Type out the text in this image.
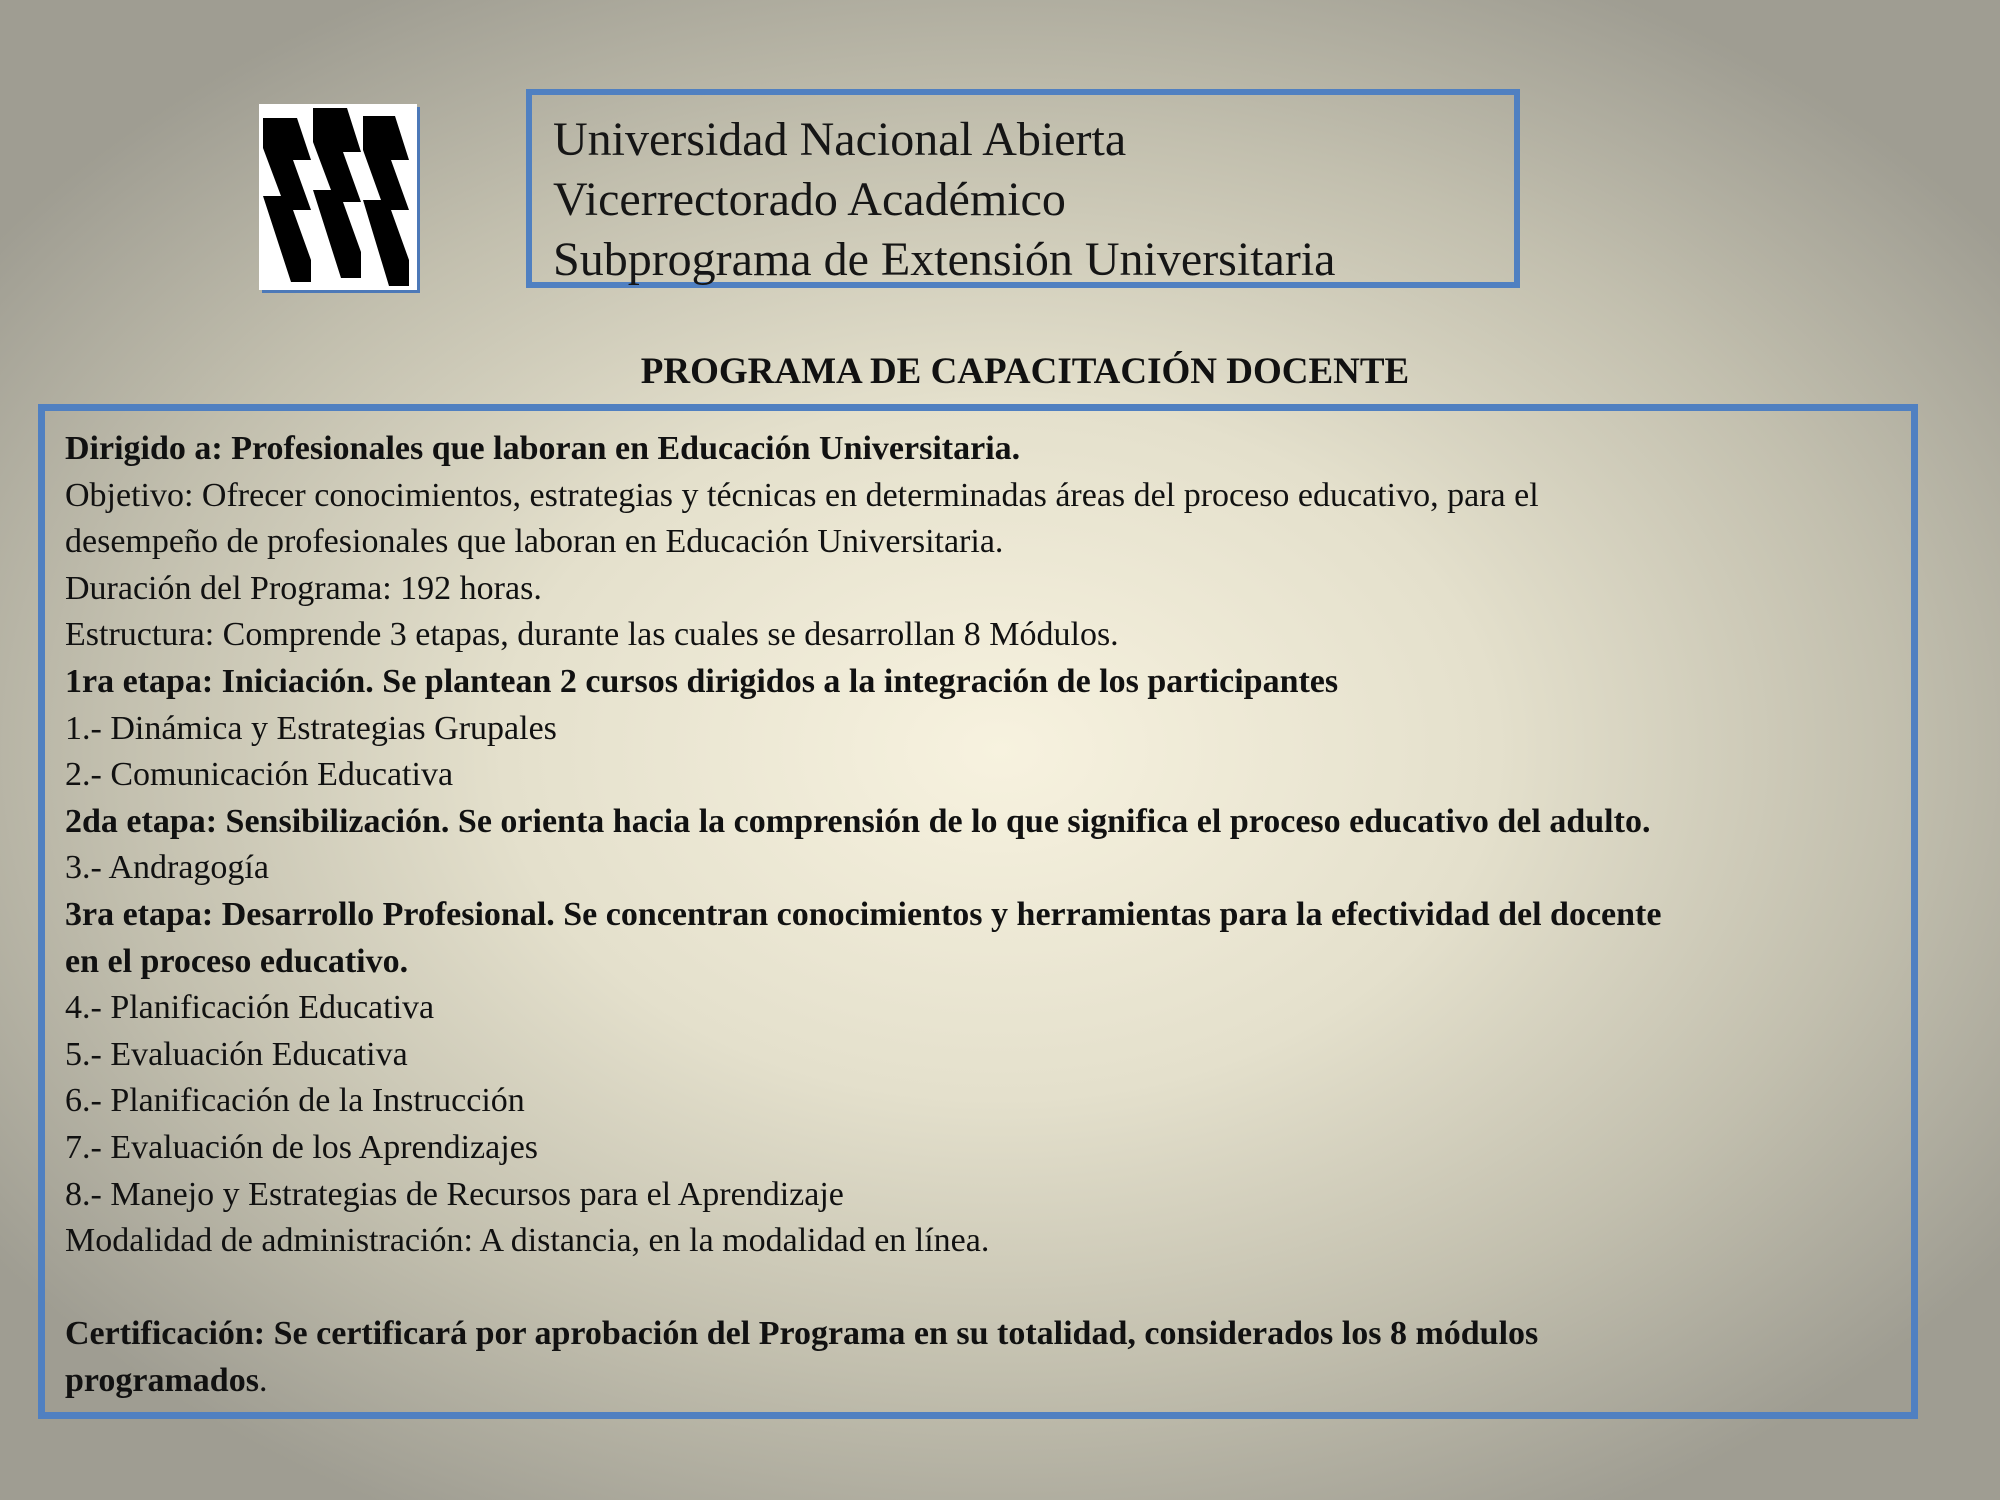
Universidad Nacional Abierta
Vicerrectorado Académico
Subprograma de Extensión Universitaria
PROGRAMA DE CAPACITACIÓN DOCENTE
Dirigido a: Profesionales que laboran en Educación Universitaria.
Objetivo: Ofrecer conocimientos, estrategias y técnicas en determinadas áreas del proceso educativo, para el
desempeño de profesionales que laboran en Educación Universitaria.
Duración del Programa: 192 horas.
Estructura: Comprende 3 etapas, durante las cuales se desarrollan 8 Módulos.
1ra etapa: Iniciación. Se plantean 2 cursos dirigidos a la integración de los participantes
1.- Dinámica y Estrategias Grupales
2.- Comunicación Educativa
2da etapa: Sensibilización. Se orienta hacia la comprensión de lo que significa el proceso educativo del adulto.
3.- Andragogía
3ra etapa: Desarrollo Profesional. Se concentran conocimientos y herramientas para la efectividad del docente
en el proceso educativo.
4.- Planificación Educativa
5.- Evaluación Educativa
6.- Planificación de la Instrucción
7.- Evaluación de los Aprendizajes
8.- Manejo y Estrategias de Recursos para el Aprendizaje
Modalidad de administración: A distancia, en la modalidad en línea.
Certificación: Se certificará por aprobación del Programa en su totalidad, considerados los 8 módulos
programados.
